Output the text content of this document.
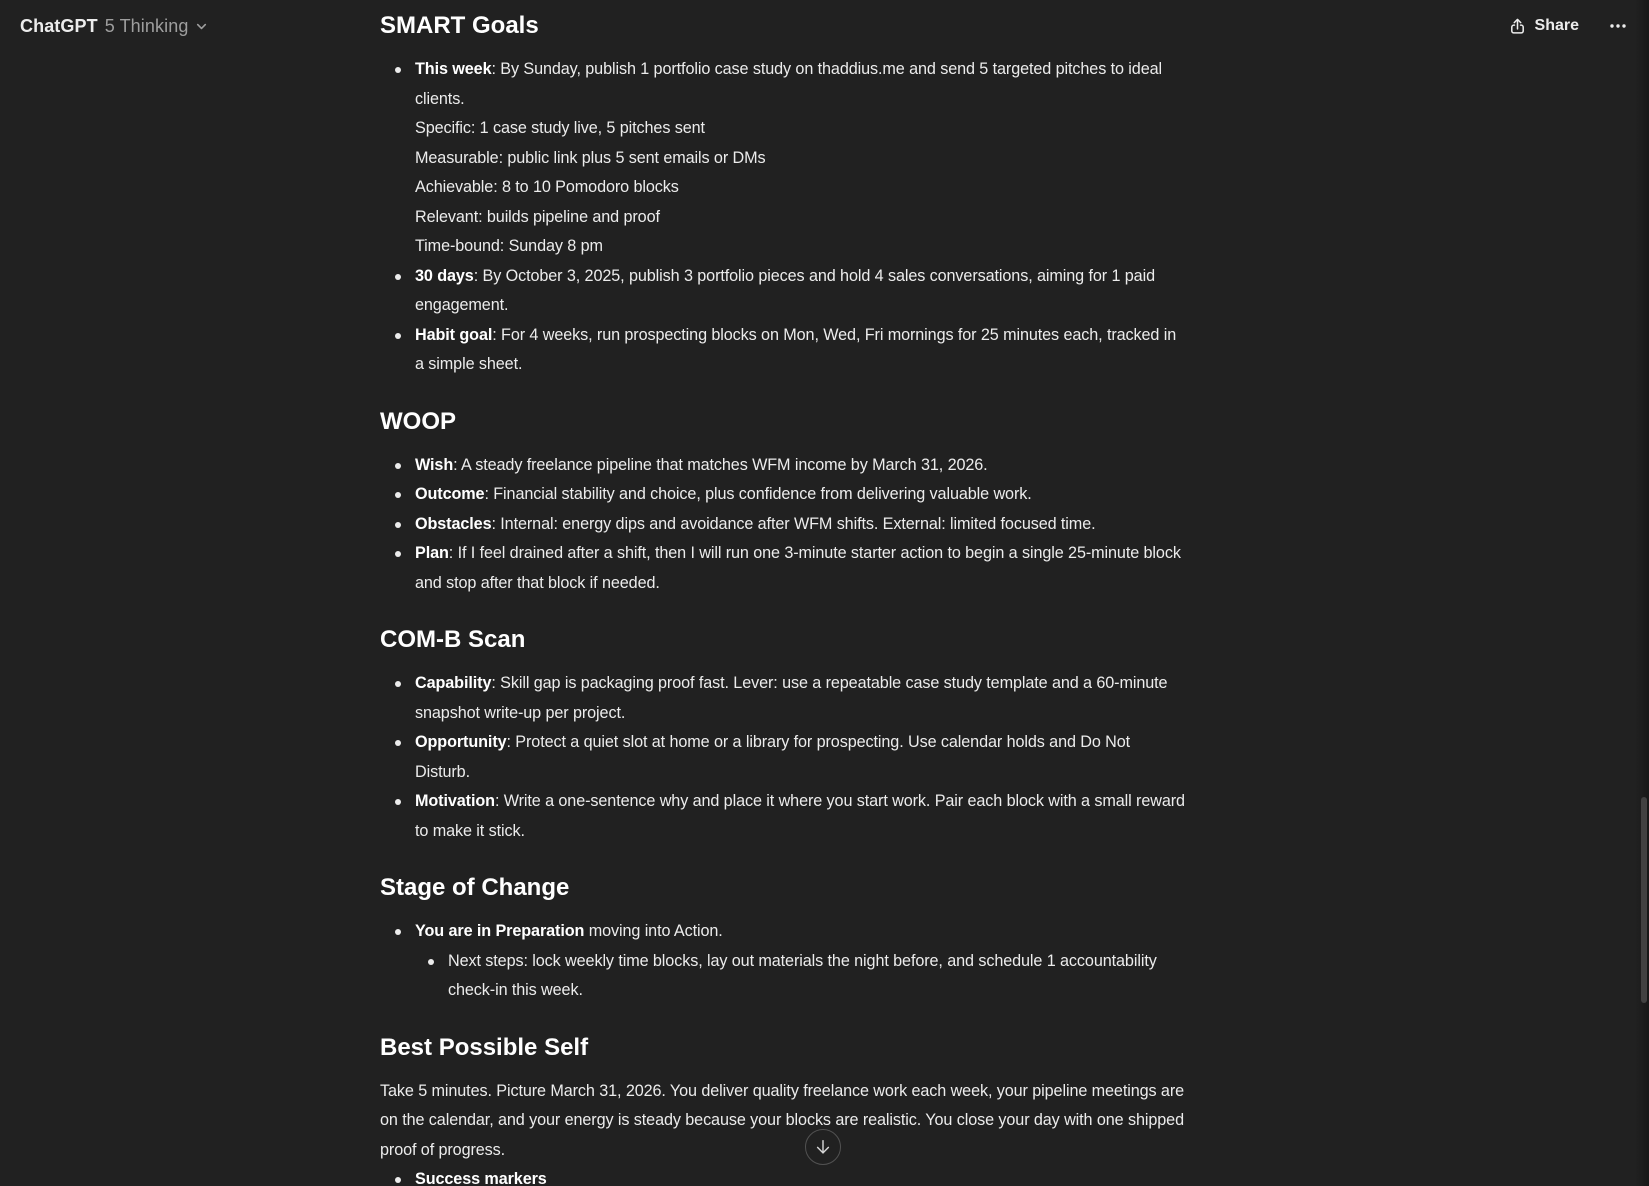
ChatGPT 5 Thinking	Share
SMART Goals
This week: By Sunday, publish 1 portfolio case study on thaddius.me and send 5 targeted pitches to ideal clients.
Specific: 1 case study live, 5 pitches sent
Measurable: public link plus 5 sent emails or DMs
Achievable: 8 to 10 Pomodoro blocks
Relevant: builds pipeline and proof
Time-bound: Sunday 8 pm
30 days: By October 3, 2025, publish 3 portfolio pieces and hold 4 sales conversations, aiming for 1 paid engagement.
Habit goal: For 4 weeks, run prospecting blocks on Mon, Wed, Fri mornings for 25 minutes each, tracked in a simple sheet.
WOOP
Wish: A steady freelance pipeline that matches WFM income by March 31, 2026.
Outcome: Financial stability and choice, plus confidence from delivering valuable work.
Obstacles: Internal: energy dips and avoidance after WFM shifts. External: limited focused time.
Plan: If I feel drained after a shift, then I will run one 3-minute starter action to begin a single 25-minute block and stop after that block if needed.
COM-B Scan
Capability: Skill gap is packaging proof fast. Lever: use a repeatable case study template and a 60-minute snapshot write-up per project.
Opportunity: Protect a quiet slot at home or a library for prospecting. Use calendar holds and Do Not Disturb.
Motivation: Write a one-sentence why and place it where you start work. Pair each block with a small reward to make it stick.
Stage of Change
You are in Preparation moving into Action.
Next steps: lock weekly time blocks, lay out materials the night before, and schedule 1 accountability check-in this week.
Best Possible Self

Take 5 minutes. Picture March 31, 2026. You deliver quality freelance work each week, your pipeline meetings are on the calendar, and your energy is steady because your blocks are realistic. You close your day with one shipped proof of progress.

Success markers
